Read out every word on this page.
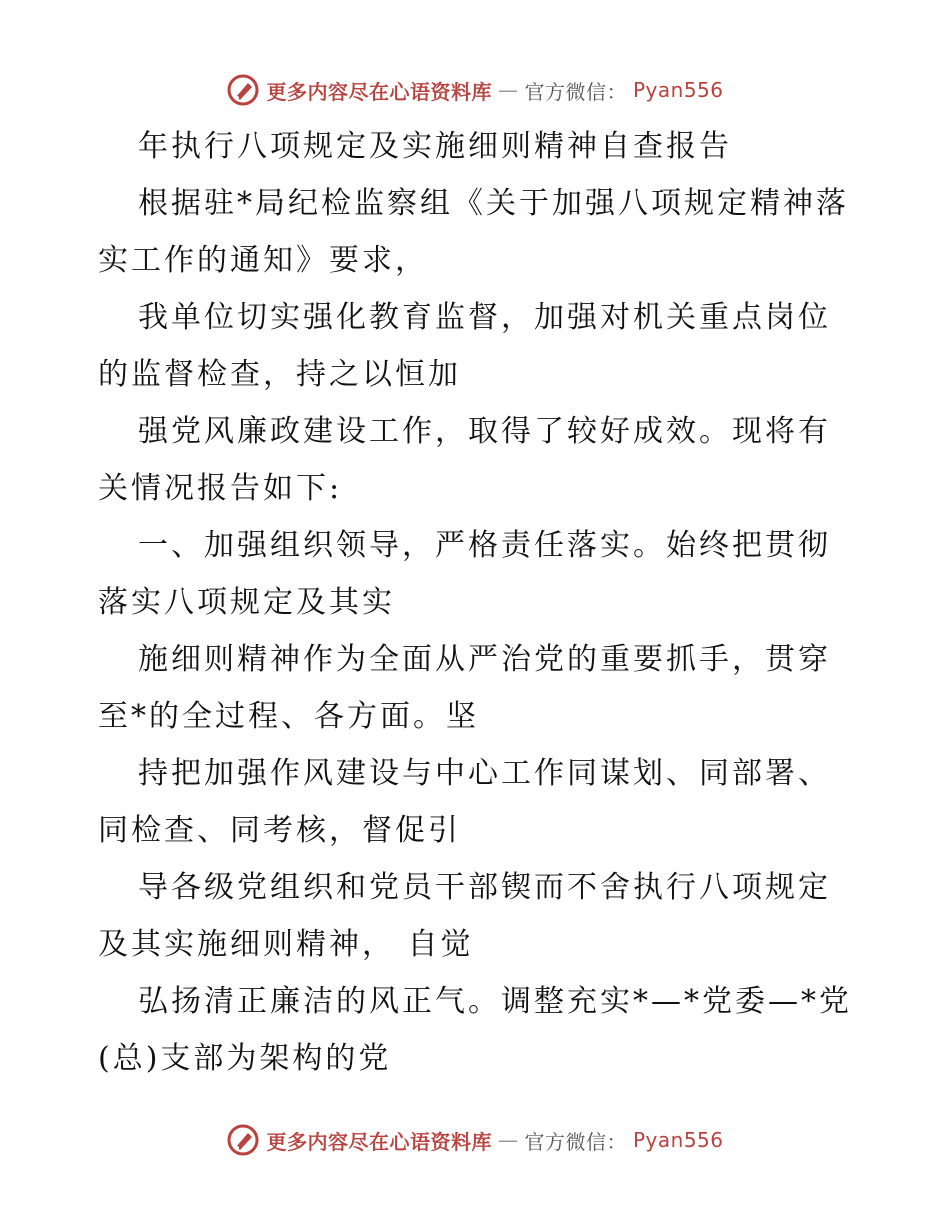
更多内容尽在心语资料库 — 官方微信： Pyan556

年执行八项规定及实施细则精神自查报告

根据驻*局纪检监察组《关于加强八项规定精神落实工作的通知》要求，

我单位切实强化教育监督，加强对机关重点岗位的监督检查，持之以恒加

强党风廉政建设工作，取得了较好成效。现将有关情况报告如下:

一、加强组织领导，严格责任落实。始终把贯彻落实八项规定及其实

施细则精神作为全面从严治党的重要抓手，贯穿至*的全过程、各方面。坚

持把加强作风建设与中心工作同谋划、同部署、同检查、同考核，督促引

导各级党组织和党员干部锲而不舍执行八项规定及其实施细则精神， 自觉

弘扬清正廉洁的风正气。调整充实*—*党委—*党(总)支部为架构的党

更多内容尽在心语资料库 — 官方微信： Pyan556
